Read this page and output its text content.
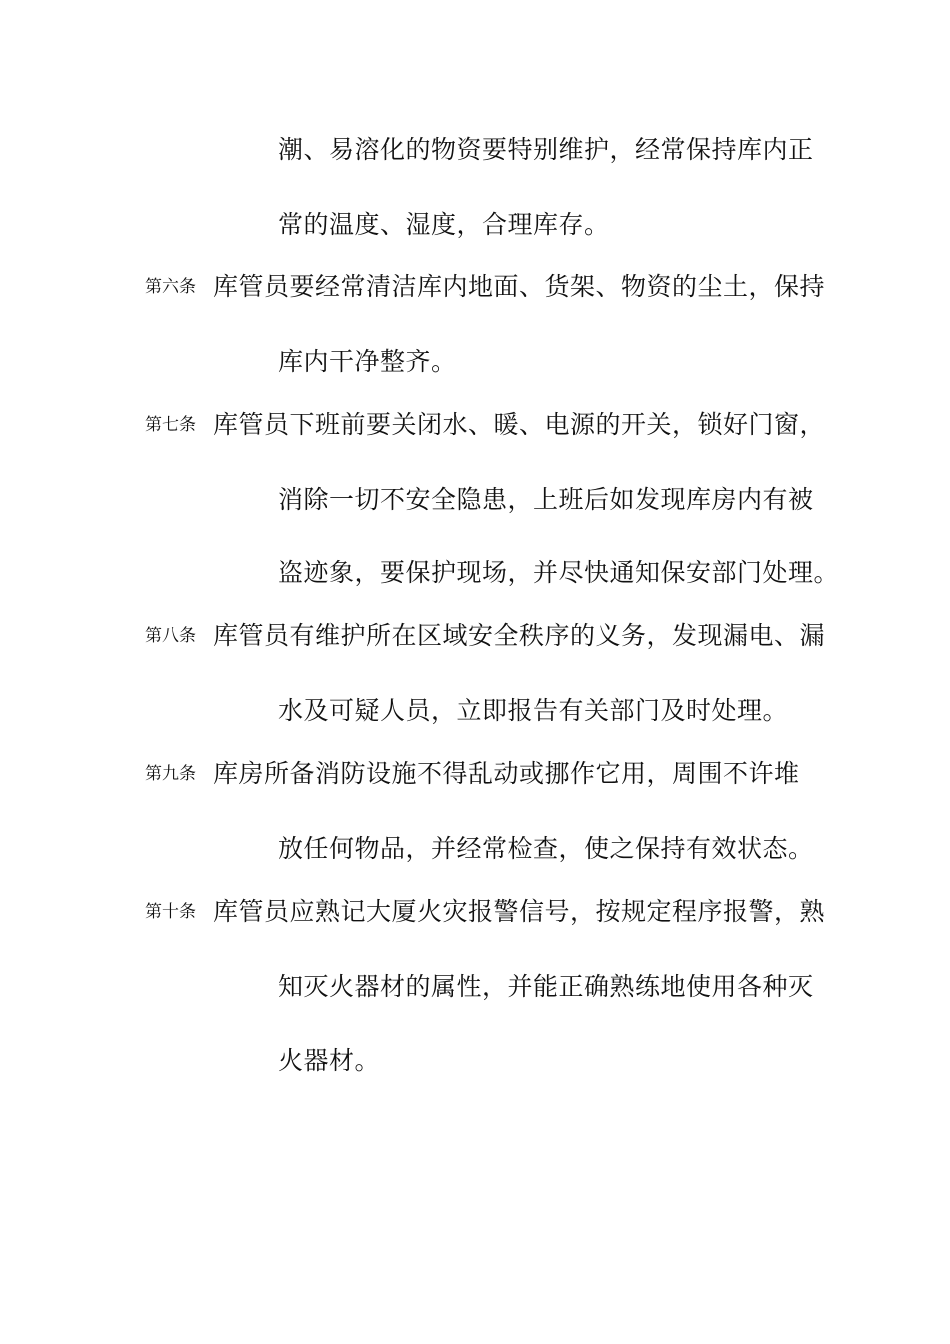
潮、易溶化的物资要特别维护，经常保持库内正
常的温度、湿度，合理库存。
第六条 库管员要经常清洁库内地面、货架、物资的尘土，保持
库内干净整齐。
第七条 库管员下班前要关闭水、暖、电源的开关，锁好门窗，
消除一切不安全隐患，上班后如发现库房内有被
盗迹象，要保护现场，并尽快通知保安部门处理。
第八条 库管员有维护所在区域安全秩序的义务，发现漏电、漏
水及可疑人员，立即报告有关部门及时处理。
第九条 库房所备消防设施不得乱动或挪作它用，周围不许堆
放任何物品，并经常检查，使之保持有效状态。
第十条 库管员应熟记大厦火灾报警信号，按规定程序报警，熟
知灭火器材的属性，并能正确熟练地使用各种灭
火器材。
